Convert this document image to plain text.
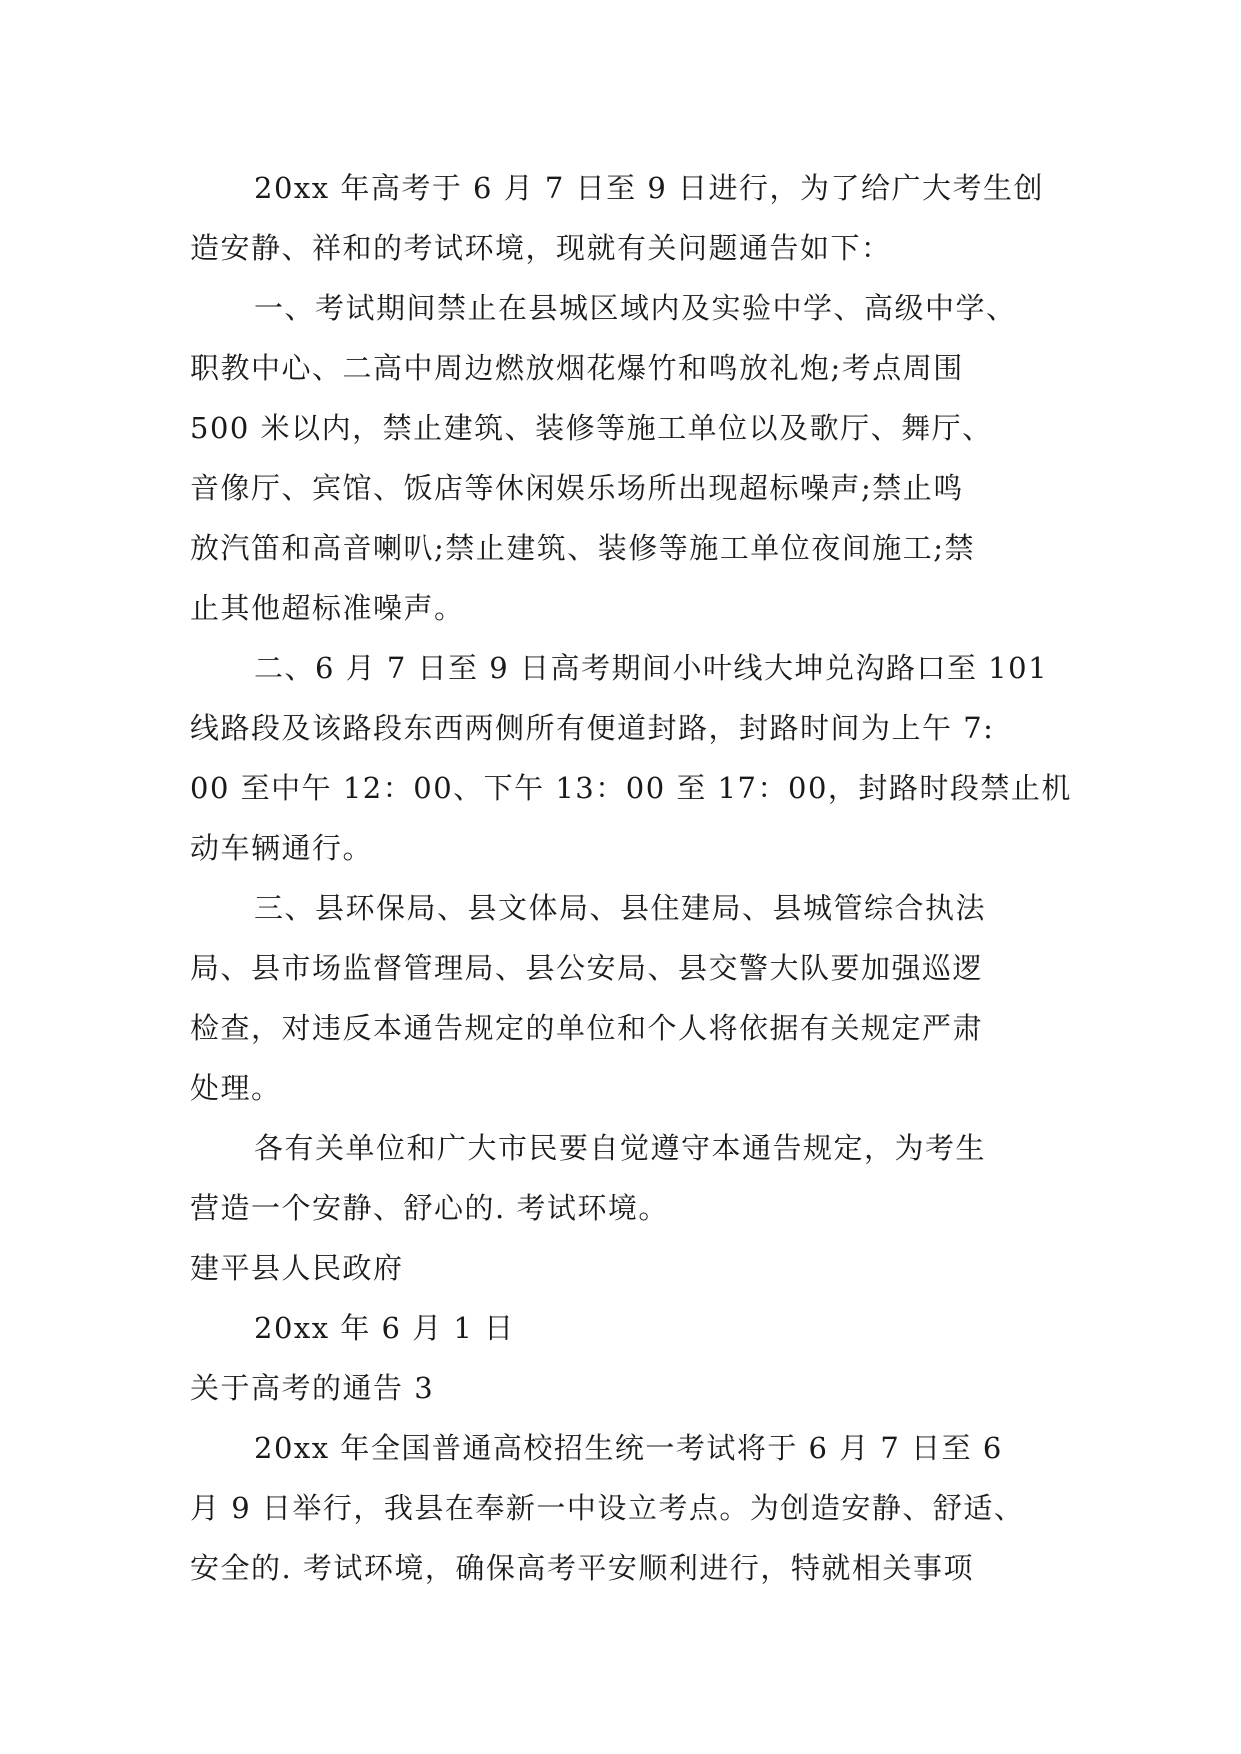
20xx 年高考于 6 月 7 日至 9 日进行，为了给广大考生创
造安静、祥和的考试环境，现就有关问题通告如下：
一、考试期间禁止在县城区域内及实验中学、高级中学、
职教中心、二高中周边燃放烟花爆竹和鸣放礼炮;考点周围
500 米以内，禁止建筑、装修等施工单位以及歌厅、舞厅、
音像厅、宾馆、饭店等休闲娱乐场所出现超标噪声;禁止鸣
放汽笛和高音喇叭;禁止建筑、装修等施工单位夜间施工;禁
止其他超标准噪声。
二、6 月 7 日至 9 日高考期间小叶线大坤兑沟路口至 101
线路段及该路段东西两侧所有便道封路，封路时间为上午 7:
00 至中午 12：00、下午 13：00 至 17：00，封路时段禁止机
动车辆通行。
三、县环保局、县文体局、县住建局、县城管综合执法
局、县市场监督管理局、县公安局、县交警大队要加强巡逻
检查，对违反本通告规定的单位和个人将依据有关规定严肃
处理。
各有关单位和广大市民要自觉遵守本通告规定，为考生
营造一个安静、舒心的. 考试环境。
建平县人民政府
20xx 年 6 月 1 日
关于高考的通告 3
20xx 年全国普通高校招生统一考试将于 6 月 7 日至 6
月 9 日举行，我县在奉新一中设立考点。为创造安静、舒适、
安全的. 考试环境，确保高考平安顺利进行，特就相关事项
